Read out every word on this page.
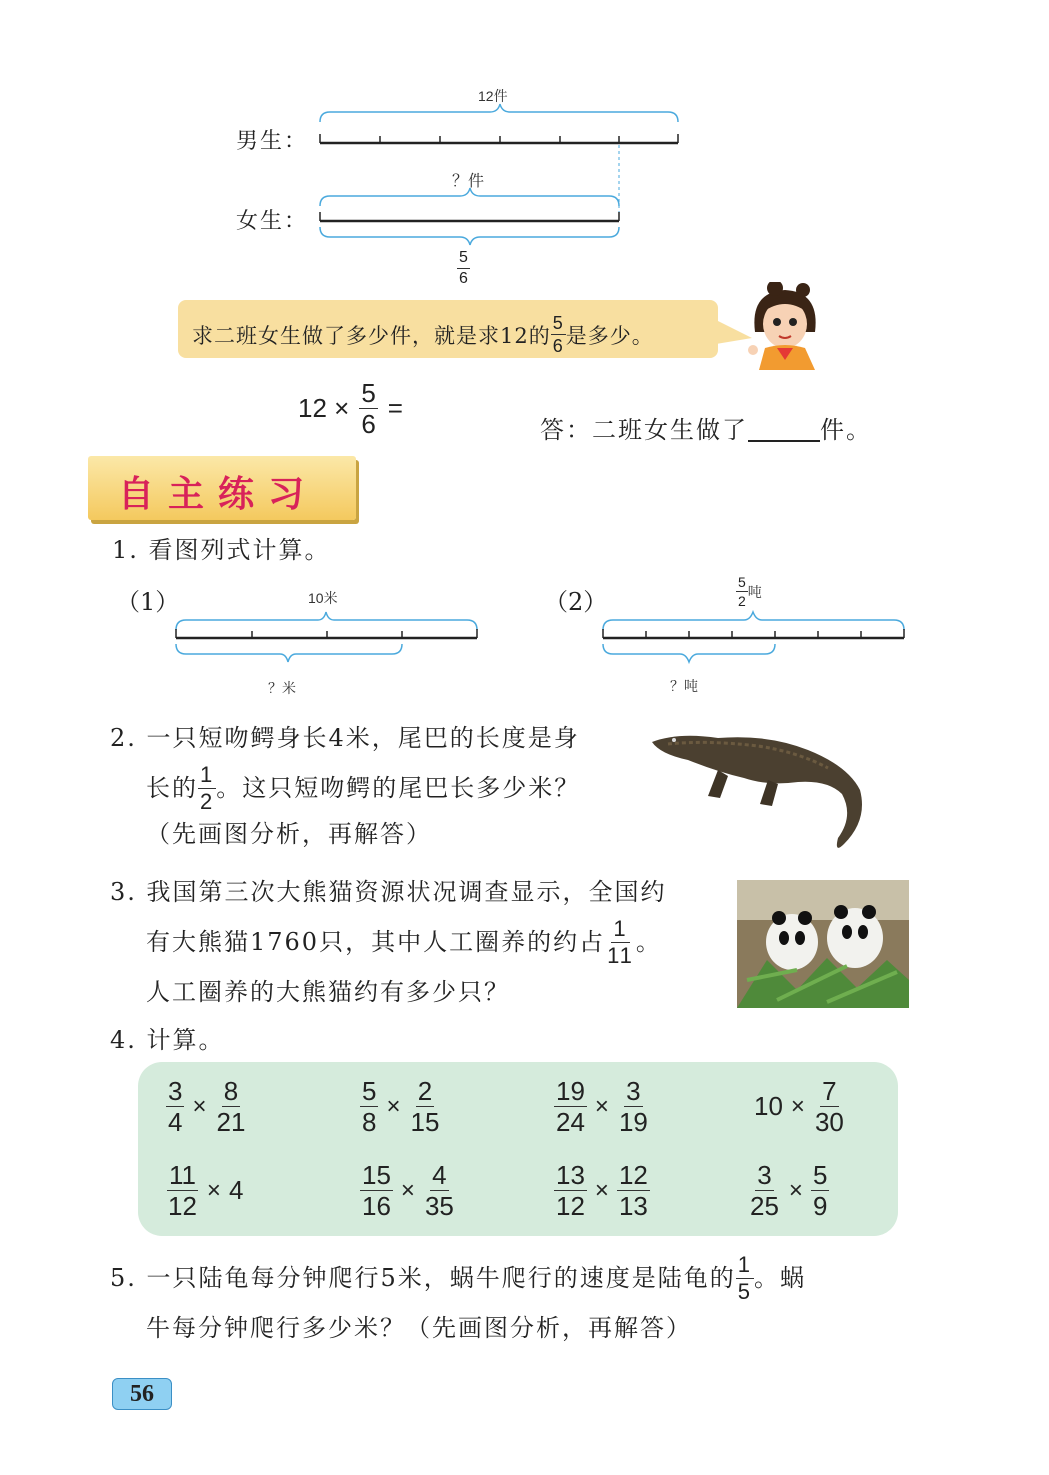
12件
男生：
女生：
？件
$\frac{5}{6}$
求二班女生做了多少件，就是求12的 $\frac{5}{6}$ 是多少。
$12 \times \frac{5}{6}$ =
答：二班女生做了	件。
自主练习
1. 看图列式计算。
（1）	10米
？米
（2）	$\frac{5}{2}$ 吨
？吨
2. 一只短吻鳄身长4米，尾巴的长度是身
长的 $\frac{1}{2}$ 。这只短吻鳄的尾巴长多少米？
（先画图分析，再解答）
3. 我国第三次大熊猫资源状况调查显示，全国约
有大熊猫1760只，其中人工圈养的约占 $\frac{1}{11}$ 。
人工圈养的大熊猫约有多少只？
4. 计算。
$\frac{3}{4} \times \frac{8}{21}$	$\frac{5}{8} \times \frac{2}{15}$	$\frac{19}{24} \times \frac{3}{19}$	$10 \times \frac{7}{30}$
$\frac{11}{12} \times 4$	$\frac{15}{16} \times \frac{4}{35}$	$\frac{13}{12} \times \frac{12}{13}$	$\frac{3}{25} \times \frac{5}{9}$
5. 一只陆龟每分钟爬行5米，蜗牛爬行的速度是陆龟的 $\frac{1}{5}$ 。蜗
牛每分钟爬行多少米？（先画图分析，再解答）
56
